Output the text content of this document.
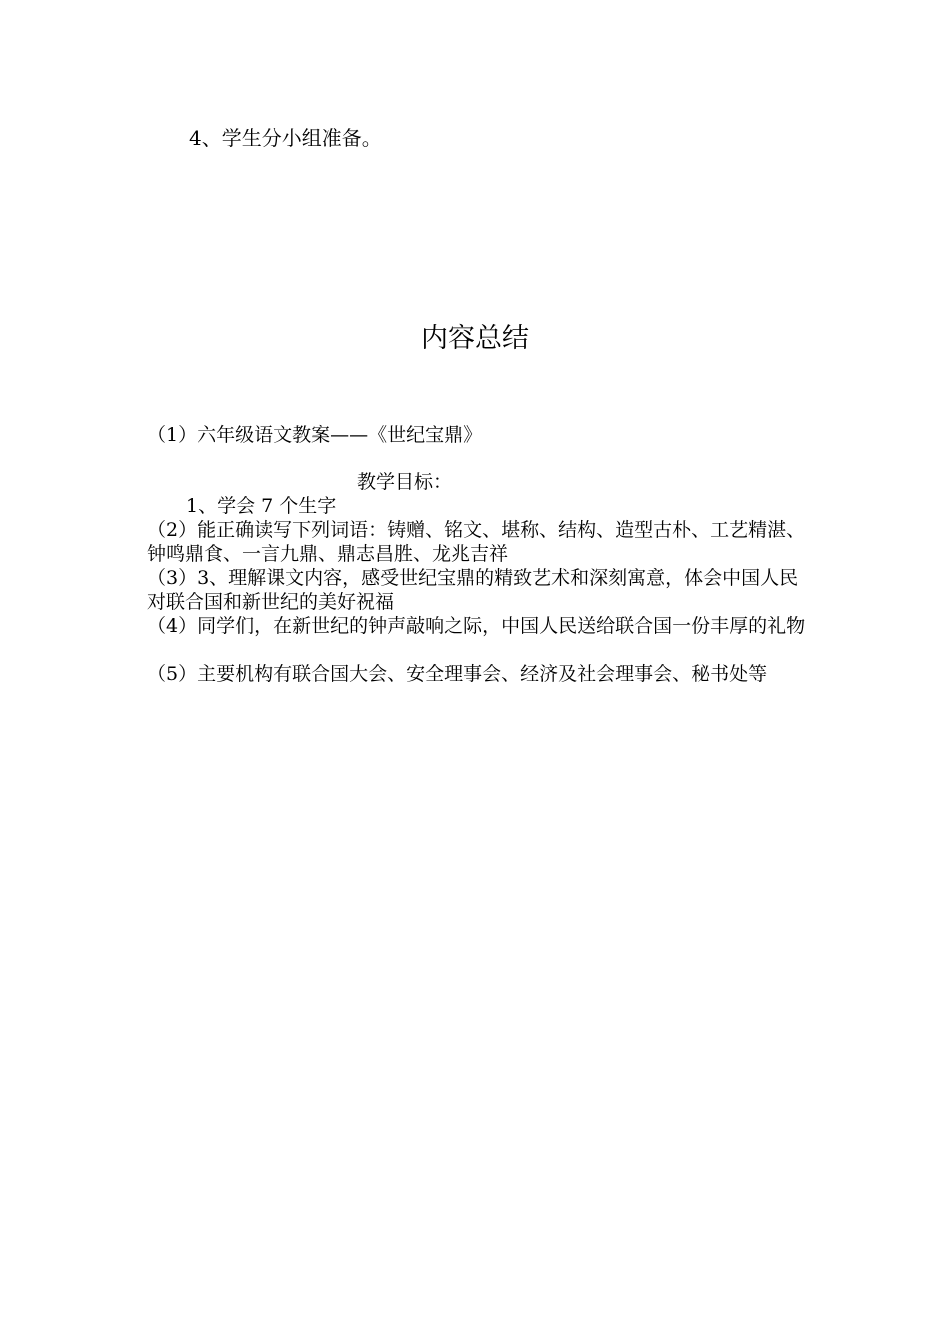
4、学生分小组准备。
内容总结
（1）六年级语文教案——《世纪宝鼎》
教学目标：
1、学会 7 个生字
（2）能正确读写下列词语：铸赠、铭文、堪称、结构、造型古朴、工艺精湛、钟鸣鼎食、一言九鼎、鼎志昌胜、龙兆吉祥
（3）3、理解课文内容，感受世纪宝鼎的精致艺术和深刻寓意，体会中国人民对联合国和新世纪的美好祝福
（4）同学们，在新世纪的钟声敲响之际，中国人民送给联合国一份丰厚的礼物
（5）主要机构有联合国大会、安全理事会、经济及社会理事会、秘书处等
